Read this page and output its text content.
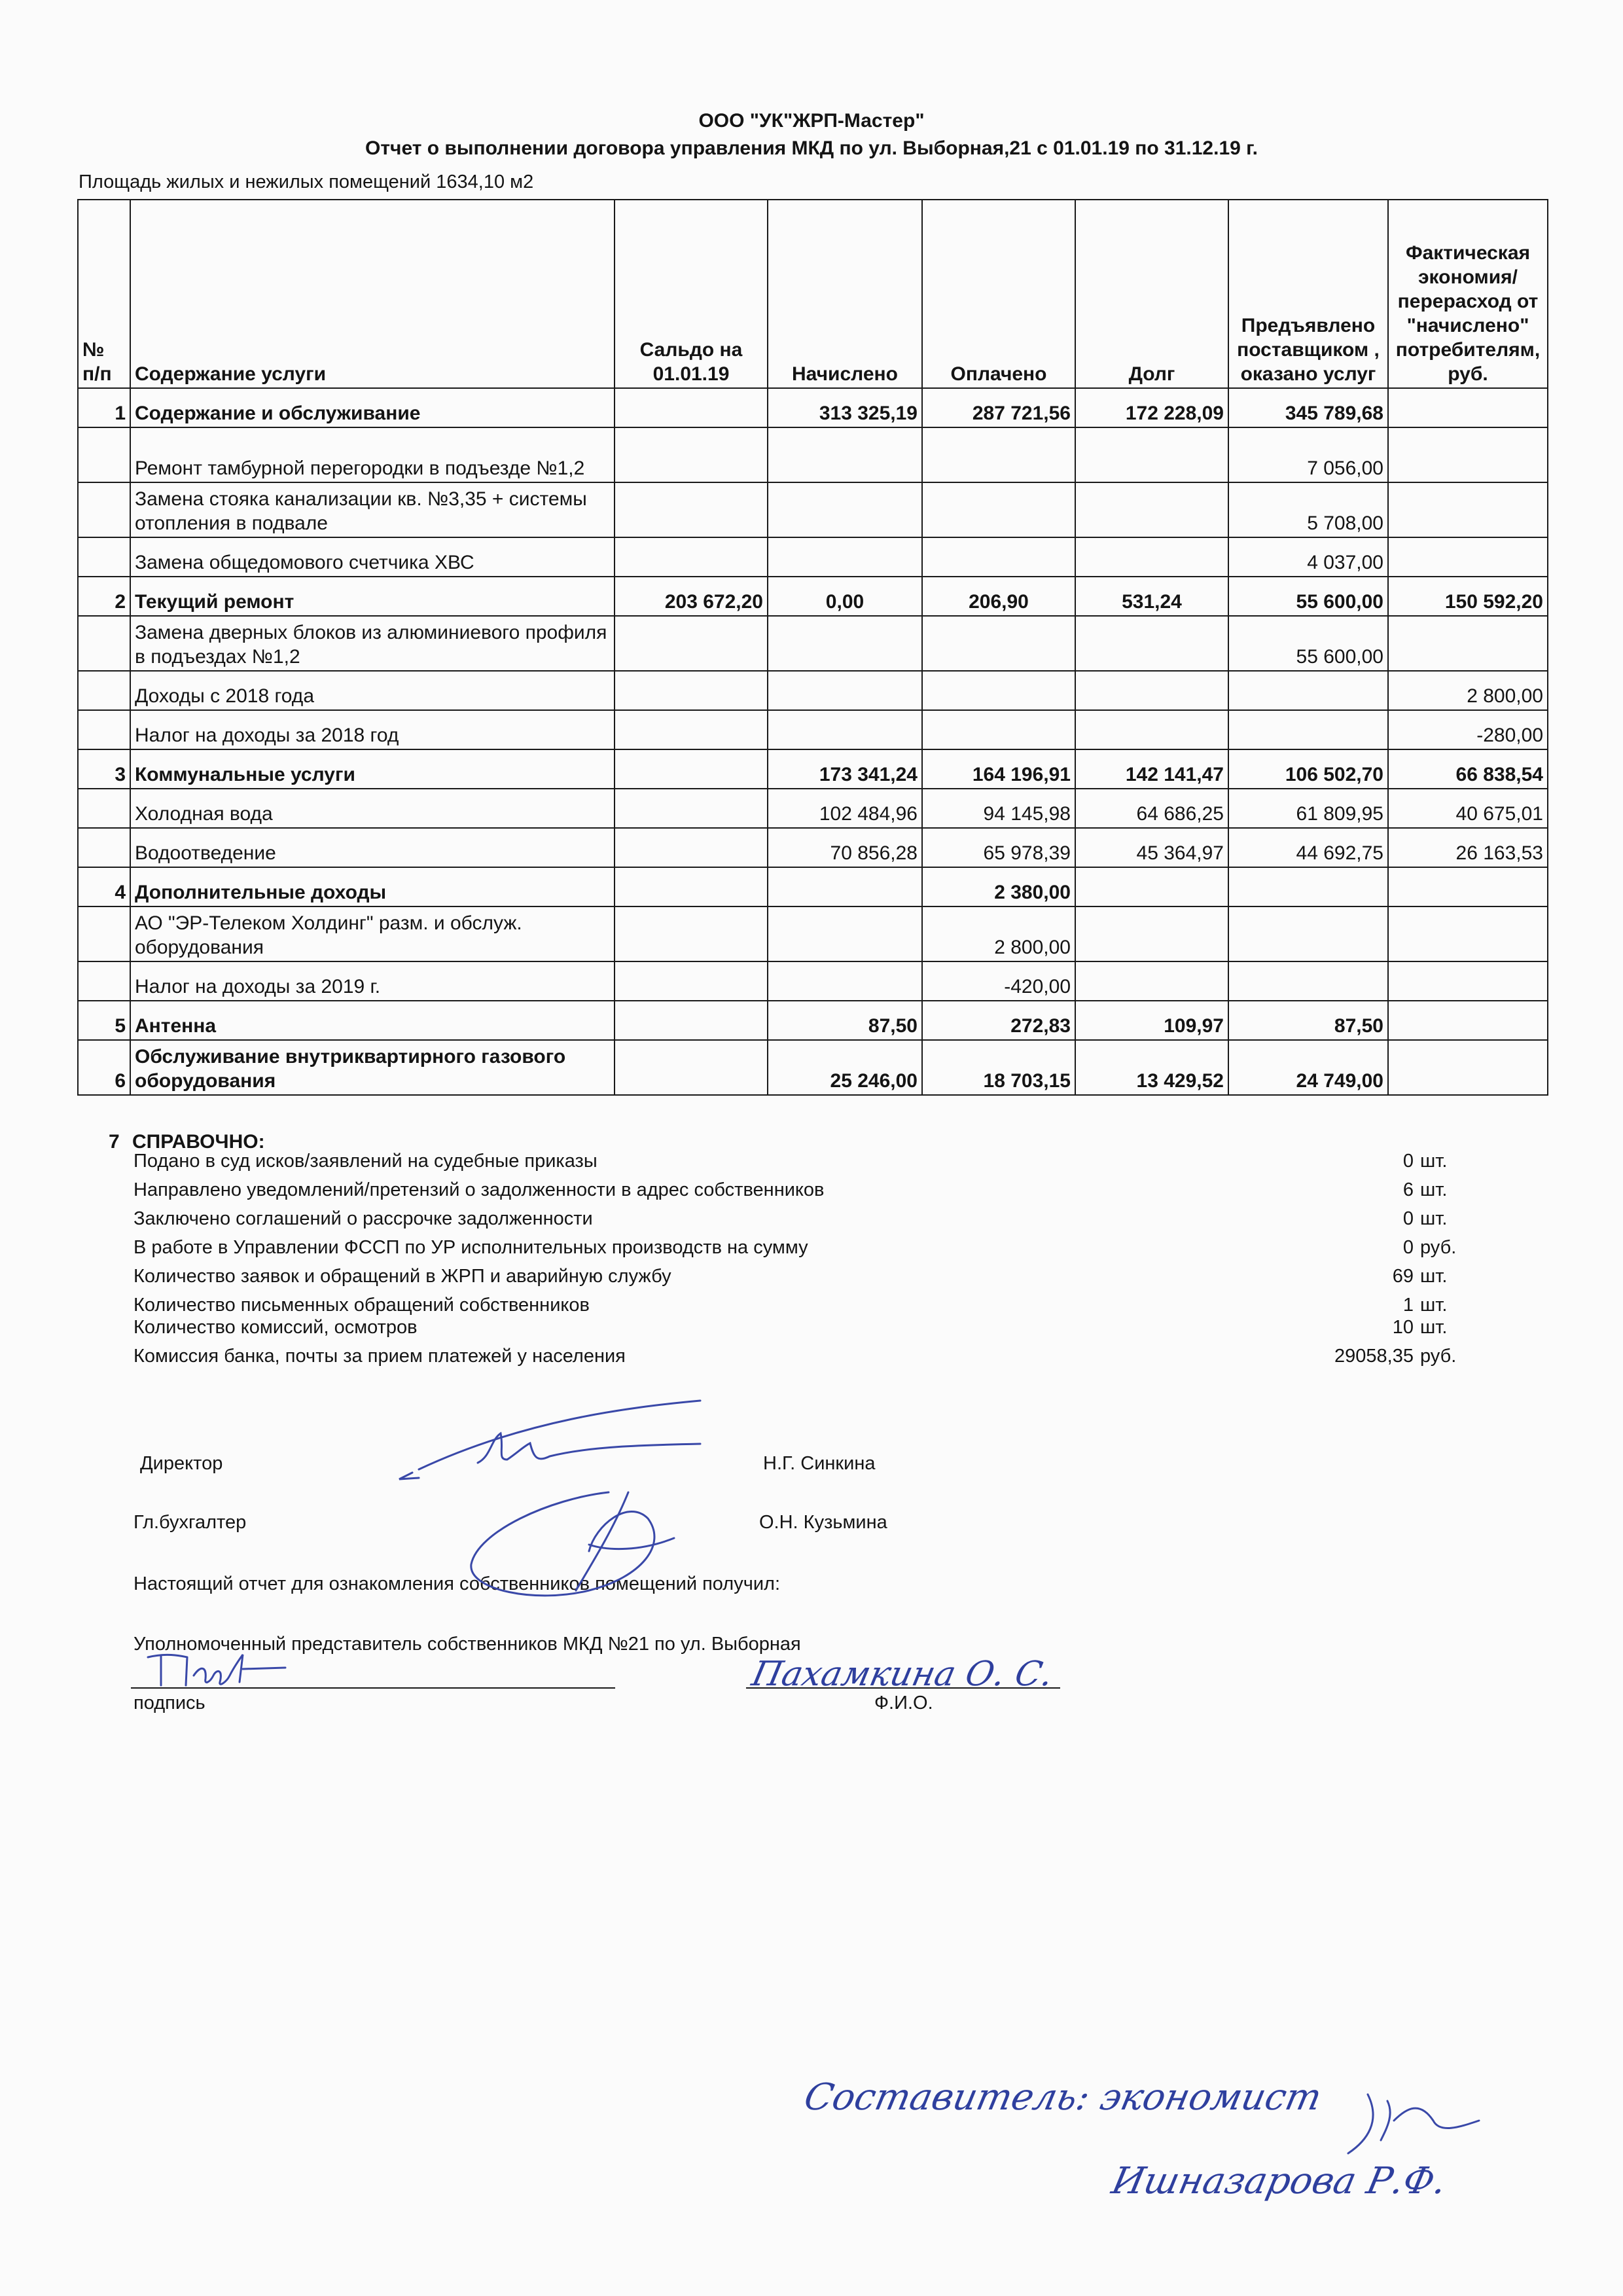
ООО "УК"ЖРП-Мастер"
Отчет о выполнении договора управления МКД по ул. Выборная,21 с 01.01.19 по 31.12.19 г.
Площадь жилых и нежилых помещений 1634,10 м2
№ п/п	Содержание услуги	Сальдо на 01.01.19	Начислено	Оплачено	Долг	Предъявлено поставщиком , оказано услуг	Фактическая экономия/перерасход от "начислено" потребителям, руб.
1	Содержание и обслуживание		313 325,19	287 721,56	172 228,09	345 789,68	
	Ремонт тамбурной перегородки в подъезде №1,2					7 056,00	
	Замена стояка канализации кв. №3,35 + системы отопления в подвале					5 708,00	
	Замена общедомового счетчика ХВС					4 037,00	
2	Текущий ремонт	203 672,20	0,00	206,90	531,24	55 600,00	150 592,20
	Замена дверных блоков из алюминиевого профиля в подъездах №1,2					55 600,00	
	Доходы с 2018 года						2 800,00
	Налог на доходы за 2018 год						-280,00
3	Коммунальные услуги		173 341,24	164 196,91	142 141,47	106 502,70	66 838,54
	Холодная вода		102 484,96	94 145,98	64 686,25	61 809,95	40 675,01
	Водоотведение		70 856,28	65 978,39	45 364,97	44 692,75	26 163,53
4	Дополнительные доходы			2 380,00			
	АО "ЭР-Телеком Холдинг" разм. и обслуж. оборудования			2 800,00			
	Налог на доходы за 2019 г.			-420,00			
5	Антенна		87,50	272,83	109,97	87,50	
6	Обслуживание внутриквартирного газового оборудования		25 246,00	18 703,15	13 429,52	24 749,00	
7 СПРАВОЧНО:
Подано в суд исков/заявлений на судебные приказы	0 шт.
Направлено уведомлений/претензий о задолженности в адрес собственников	6 шт.
Заключено соглашений о рассрочке задолженности	0 шт.
В работе в Управлении ФССП по УР исполнительных производств на сумму	0 руб.
Количество заявок и обращений в ЖРП и аварийную службу	69 шт.
Количество письменных обращений собственников	1 шт.
Количество комиссий, осмотров	10 шт.
Комиссия банка, почты за прием платежей у населения	29058,35 руб.
Директор	Н.Г. Синкина
Гл.бухгалтер	О.Н. Кузьмина
Настоящий отчет для ознакомления собственников помещений получил:
Уполномоченный представитель собственников МКД №21 по ул. Выборная
подпись	Ф.И.О.
Пахамкина О. С.
Составитель: экономист
Ишназарова Р.Ф.
